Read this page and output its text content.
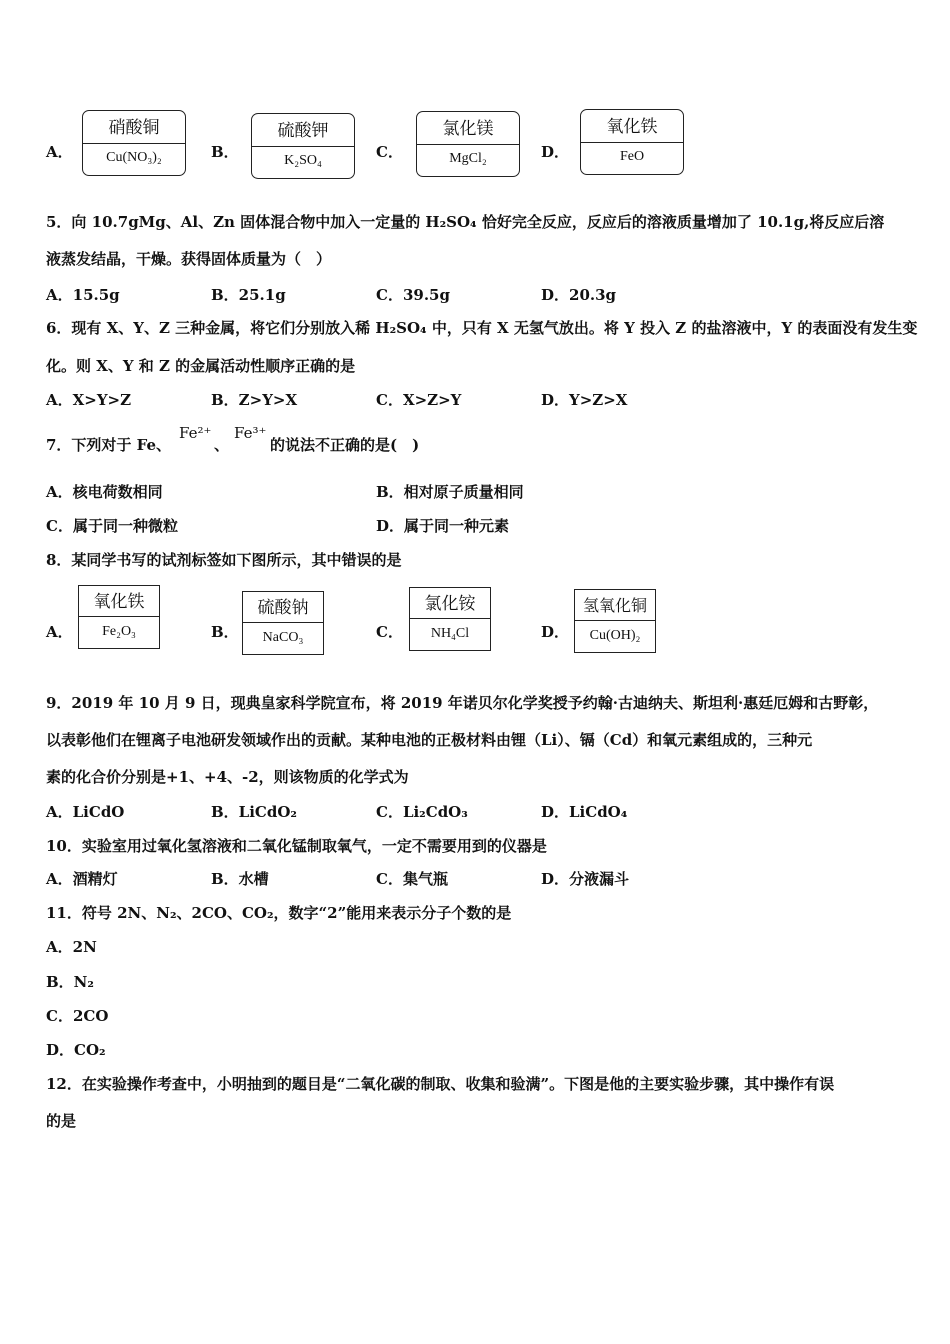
A．
硝酸铜
Cu(NO₃)₂	B．
硫酸钾
K₂SO₄	C．
氯化镁
MgCl₂	D．
氧化铁
FeO
5．向 10.7gMg、Al、Zn 固体混合物中加入一定量的 H₂SO₄ 恰好完全反应，反应后的溶液质量增加了 10.1g,将反应后溶
液蒸发结晶，干燥。获得固体质量为（　）
A．15.5g	B．25.1g	C．39.5g	D．20.3g
6．现有 X、Y、Z 三种金属，将它们分别放入稀 H₂SO₄ 中，只有 X 无氢气放出。将 Y 投入 Z 的盐溶液中，Y 的表面没有发生变
化。则 X、Y 和 Z 的金属活动性顺序正确的是
A．X>Y>Z	B．Z>Y>X	C．X>Z>Y	D．Y>Z>X
7．下列对于 Fe、
Fe²⁺
、
Fe³⁺
的说法不正确的是(　)
A．核电荷数相同	B．相对原子质量相同
C．属于同一种微粒	D．属于同一种元素
8．某同学书写的试剂标签如下图所示，其中错误的是
A．
氧化铁
Fe₂O₃	B．
硫酸钠
NaCO₃	C．
氯化铵
NH₄Cl	D．
氢氧化铜
Cu(OH)₂
9．2019 年 10 月 9 日，现典皇家科学院宣布，将 2019 年诺贝尔化学奖授予约翰·古迪纳夫、斯坦利·惠廷厄姆和古野彰，
以表彰他们在锂离子电池研发领域作出的贡献。某种电池的正极材料由锂（Li）、镉（Cd）和氧元素组成的，三种元
素的化合价分别是+1、+4、-2，则该物质的化学式为
A．LiCdO	B．LiCdO₂	C．Li₂CdO₃	D．LiCdO₄
10．实验室用过氧化氢溶液和二氧化锰制取氧气，一定不需要用到的仪器是
A．酒精灯	B．水槽	C．集气瓶	D．分液漏斗
11．符号 2N、N₂、2CO、CO₂，数字“2”能用来表示分子个数的是
A．2N
B．N₂
C．2CO
D．CO₂
12．在实验操作考查中，小明抽到的题目是“二氧化碳的制取、收集和验满”。下图是他的主要实验步骤，其中操作有误
的是
